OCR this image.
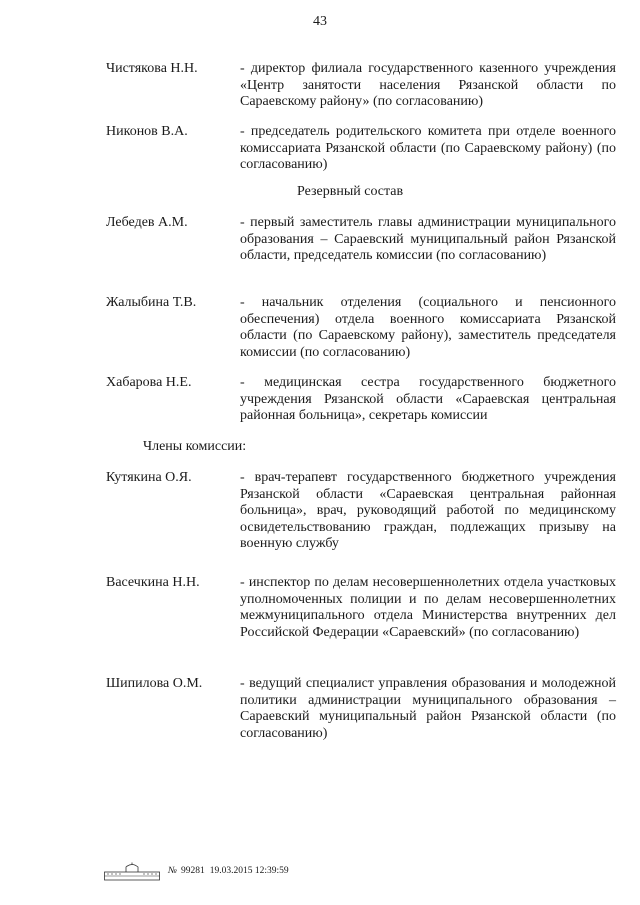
43
Чистякова Н.Н.	- директор филиала государственного казенного учреждения «Центр занятости населения Рязанской области по Сараевскому району» (по согласованию)
Никонов В.А.	- председатель родительского комитета при отделе военного комиссариата Рязанской области (по Сараевскому району) (по согласованию)
Резервный состав
Лебедев А.М.	- первый заместитель главы администрации муниципального образования – Сараевский муниципальный район Рязанской области, председатель комиссии (по согласованию)
Жалыбина Т.В.	- начальник отделения (социального и пенсионного обеспечения) отдела военного комиссариата Рязанской области (по Сараевскому району), заместитель председателя комиссии (по согласованию)
Хабарова Н.Е.	- медицинская сестра государственного бюджетного учреждения Рязанской области «Сараевская центральная районная больница», секретарь комиссии
Члены комиссии:
Кутякина О.Я.	- врач-терапевт государственного бюджетного учреждения Рязанской области «Сараевская центральная районная больница», врач, руководящий работой по медицинскому освидетельствованию граждан, подлежащих призыву на военную службу
Васечкина Н.Н.	- инспектор по делам несовершеннолетних отдела участковых уполномоченных полиции и по делам несовершеннолетних межмуниципального отдела Министерства внутренних дел Российской Федерации «Сараевский» (по согласованию)
Шипилова О.М.	- ведущий специалист управления образования и молодежной политики администрации муниципального образования – Сараевский муниципальный район Рязанской области (по согласованию)
№ 99281 19.03.2015 12:39:59
